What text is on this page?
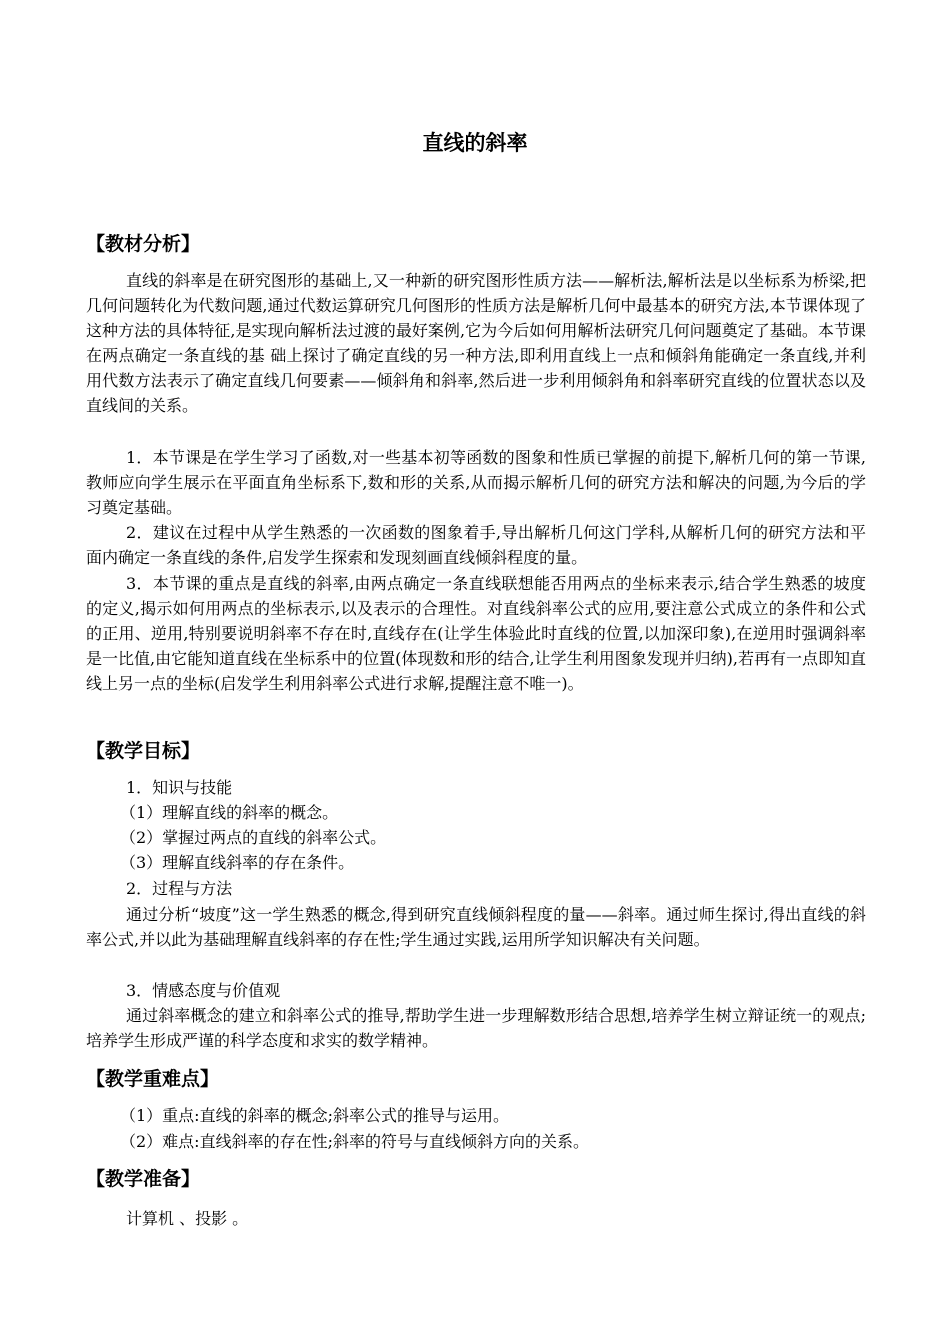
直线的斜率
【教材分析】
直线的斜率是在研究图形的基础上,又一种新的研究图形性质方法——解析法,解析法是以坐标系为桥梁,把几何问题转化为代数问题,通过代数运算研究几何图形的性质方法是解析几何中最基本的研究方法,本节课体现了这种方法的具体特征,是实现向解析法过渡的最好案例,它为今后如何用解析法研究几何问题奠定了基础。本节课在两点确定一条直线的基 础上探讨了确定直线的另一种方法,即利用直线上一点和倾斜角能确定一条直线,并利用代数方法表示了确定直线几何要素——倾斜角和斜率,然后进一步利用倾斜角和斜率研究直线的位置状态以及直线间的关系。
1．本节课是在学生学习了函数,对一些基本初等函数的图象和性质已掌握的前提下,解析几何的第一节课,教师应向学生展示在平面直角坐标系下,数和形的关系,从而揭示解析几何的研究方法和解决的问题,为今后的学习奠定基础。
2．建议在过程中从学生熟悉的一次函数的图象着手,导出解析几何这门学科,从解析几何的研究方法和平面内确定一条直线的条件,启发学生探索和发现刻画直线倾斜程度的量。
3．本节课的重点是直线的斜率,由两点确定一条直线联想能否用两点的坐标来表示,结合学生熟悉的坡度的定义,揭示如何用两点的坐标表示,以及表示的合理性。对直线斜率公式的应用,要注意公式成立的条件和公式的正用、逆用,特别要说明斜率不存在时,直线存在(让学生体验此时直线的位置,以加深印象),在逆用时强调斜率是一比值,由它能知道直线在坐标系中的位置(体现数和形的结合,让学生利用图象发现并归纳),若再有一点即知直线上另一点的坐标(启发学生利用斜率公式进行求解,提醒注意不唯一)。
【教学目标】
1．知识与技能
（1）理解直线的斜率的概念。
（2）掌握过两点的直线的斜率公式。
（3）理解直线斜率的存在条件。
2．过程与方法
通过分析“坡度”这一学生熟悉的概念,得到研究直线倾斜程度的量——斜率。通过师生探讨,得出直线的斜率公式,并以此为基础理解直线斜率的存在性;学生通过实践,运用所学知识解决有关问题。
3．情感态度与价值观
通过斜率概念的建立和斜率公式的推导,帮助学生进一步理解数形结合思想,培养学生树立辩证统一的观点;培养学生形成严谨的科学态度和求实的数学精神。
【教学重难点】
（1）重点:直线的斜率的概念;斜率公式的推导与运用。
（2）难点:直线斜率的存在性;斜率的符号与直线倾斜方向的关系。
【教学准备】
计算机 、投影 。
